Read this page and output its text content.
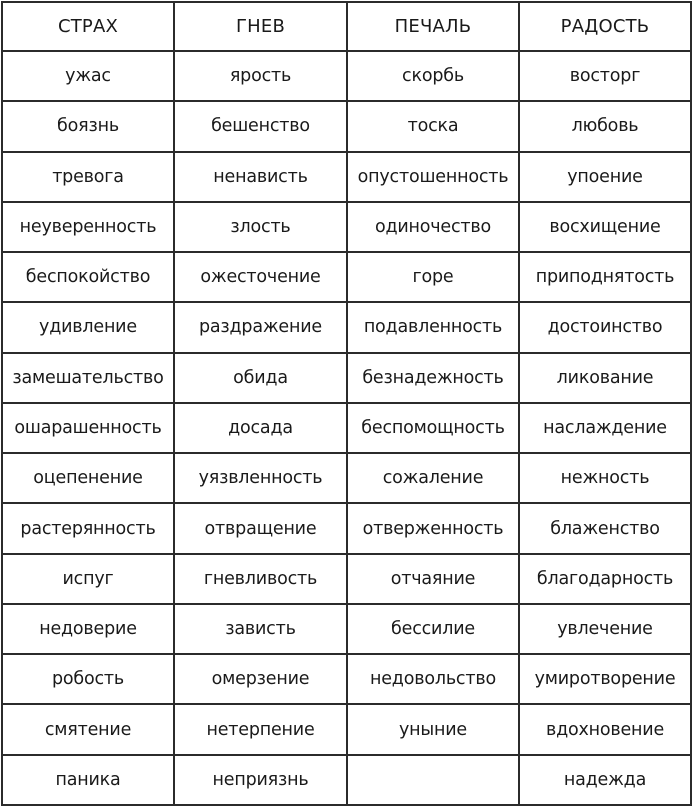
СТРАХ	ГНЕВ	ПЕЧАЛЬ	РАДОСТЬ
ужас	ярость	скорбь	восторг
боязнь	бешенство	тоска	любовь
тревога	ненависть	опустошенность	упоение
неуверенность	злость	одиночество	восхищение
беспокойство	ожесточение	горе	приподнятость
удивление	раздражение	подавленность	достоинство
замешательство	обида	безнадежность	ликование
ошарашенность	досада	беспомощность	наслаждение
оцепенение	уязвленность	сожаление	нежность
растерянность	отвращение	отверженность	блаженство
испуг	гневливость	отчаяние	благодарность
недоверие	зависть	бессилие	увлечение
робость	омерзение	недовольство	умиротворение
смятение	нетерпение	уныние	вдохновение
паника	неприязнь		надежда
